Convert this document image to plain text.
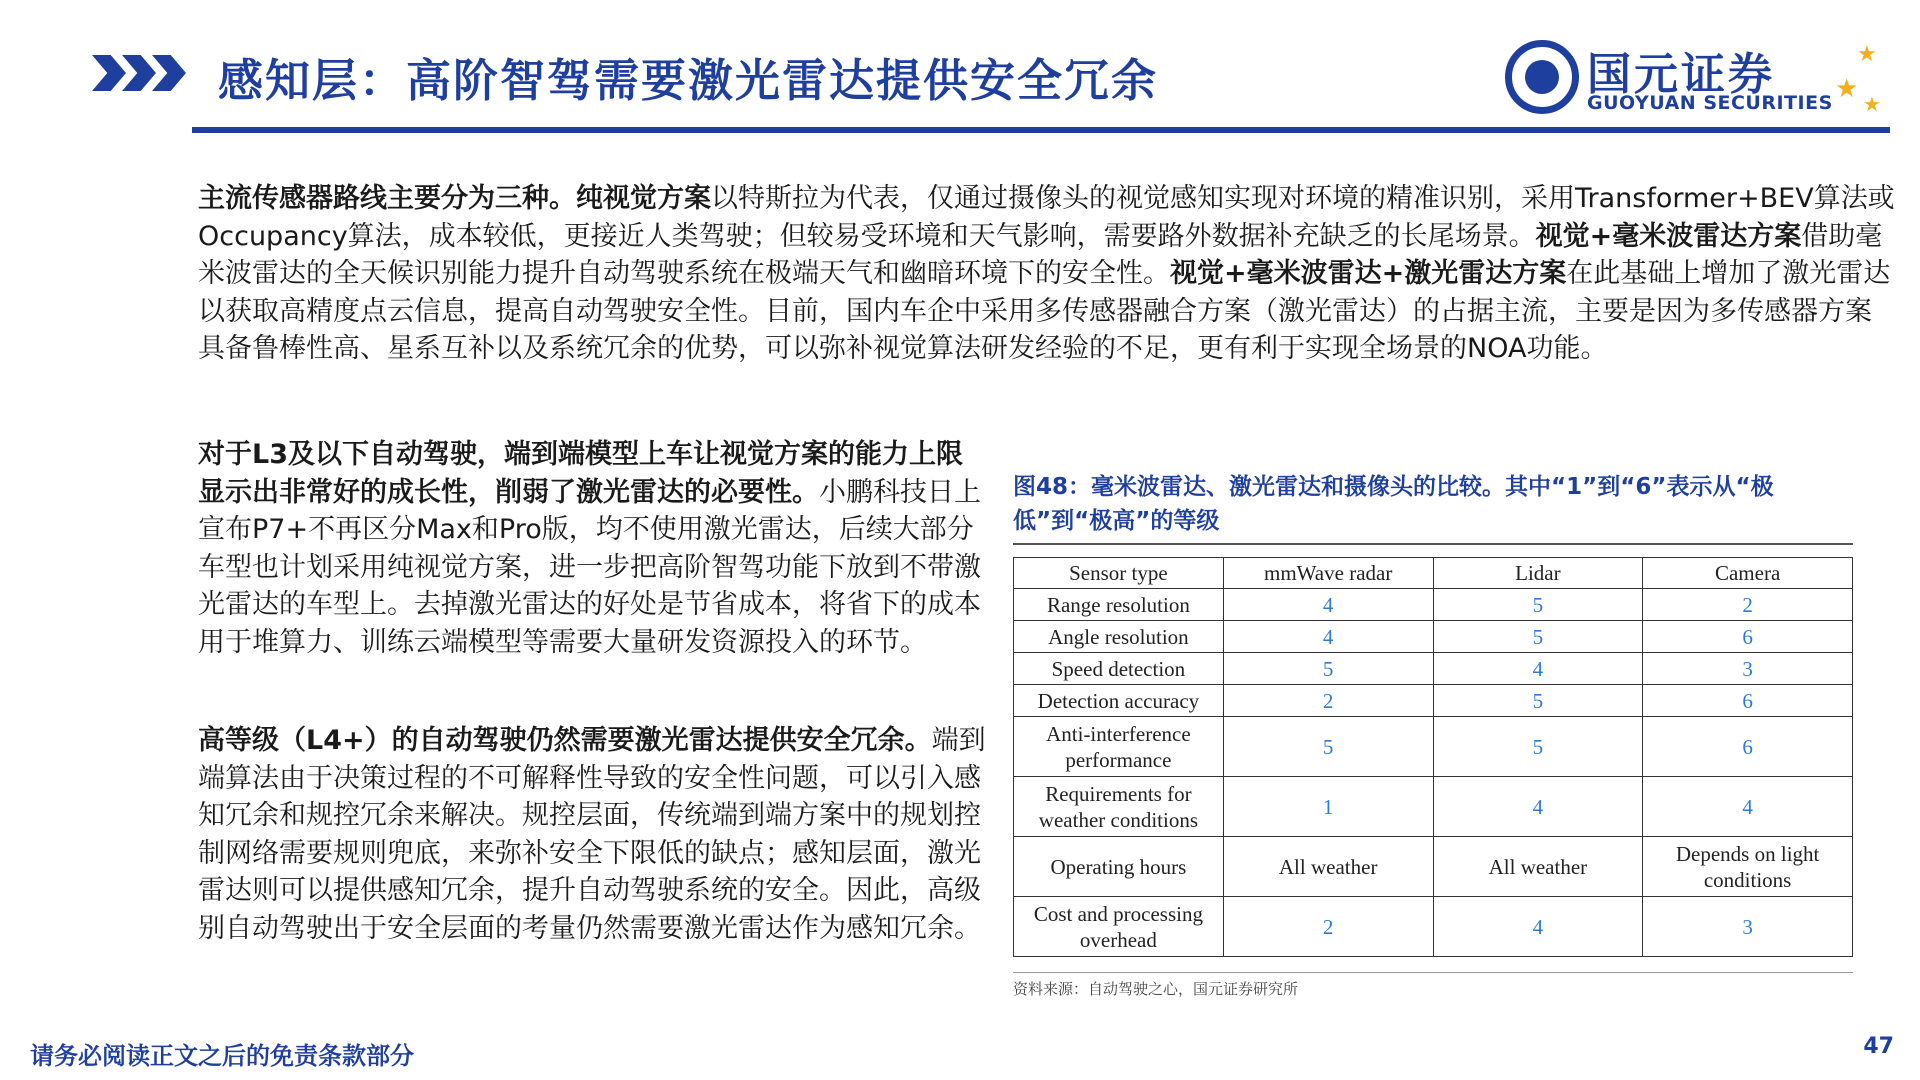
感知层：高阶智驾需要激光雷达提供安全冗余	国元证券
GUOYUAN SECURITIES
★
★ ★
主流传感器路线主要分为三种。纯视觉方案以特斯拉为代表，仅通过摄像头的视觉感知实现对环境的精准识别，采用Transformer+BEV算法或Occupancy算法，成本较低，更接近人类驾驶；但较易受环境和天气影响，需要路外数据补充缺乏的长尾场景。视觉+毫米波雷达方案借助毫米波雷达的全天候识别能力提升自动驾驶系统在极端天气和幽暗环境下的安全性。视觉+毫米波雷达+激光雷达方案在此基础上增加了激光雷达以获取高精度点云信息，提高自动驾驶安全性。目前，国内车企中采用多传感器融合方案（激光雷达）的占据主流，主要是因为多传感器方案具备鲁棒性高、星系互补以及系统冗余的优势，可以弥补视觉算法研发经验的不足，更有利于实现全场景的NOA功能。
对于L3及以下自动驾驶，端到端模型上车让视觉方案的能力上限显示出非常好的成长性，削弱了激光雷达的必要性。小鹏科技日上宣布P7+不再区分Max和Pro版，均不使用激光雷达，后续大部分车型也计划采用纯视觉方案，进一步把高阶智驾功能下放到不带激光雷达的车型上。去掉激光雷达的好处是节省成本，将省下的成本用于堆算力、训练云端模型等需要大量研发资源投入的环节。
高等级（L4+）的自动驾驶仍然需要激光雷达提供安全冗余。端到端算法由于决策过程的不可解释性导致的安全性问题，可以引入感知冗余和规控冗余来解决。规控层面，传统端到端方案中的规划控制网络需要规则兜底，来弥补安全下限低的缺点；感知层面，激光雷达则可以提供感知冗余，提升自动驾驶系统的安全。因此，高级别自动驾驶出于安全层面的考量仍然需要激光雷达作为感知冗余。
图48：毫米波雷达、激光雷达和摄像头的比较。其中“1”到“6”表示从“极低”到“极高”的等级
Sensor type	mmWave radar	Lidar	Camera
Range resolution	4	5	2
Angle resolution	4	5	6
Speed detection	5	4	3
Detection accuracy	2	5	6
Anti-interference performance	5	5	6
Requirements for weather conditions	1	4	4
Operating hours	All weather	All weather	Depends on light conditions
Cost and processing overhead	2	4	3
资料来源：自动驾驶之心，国元证券研究所
请务必阅读正文之后的免责条款部分	47
